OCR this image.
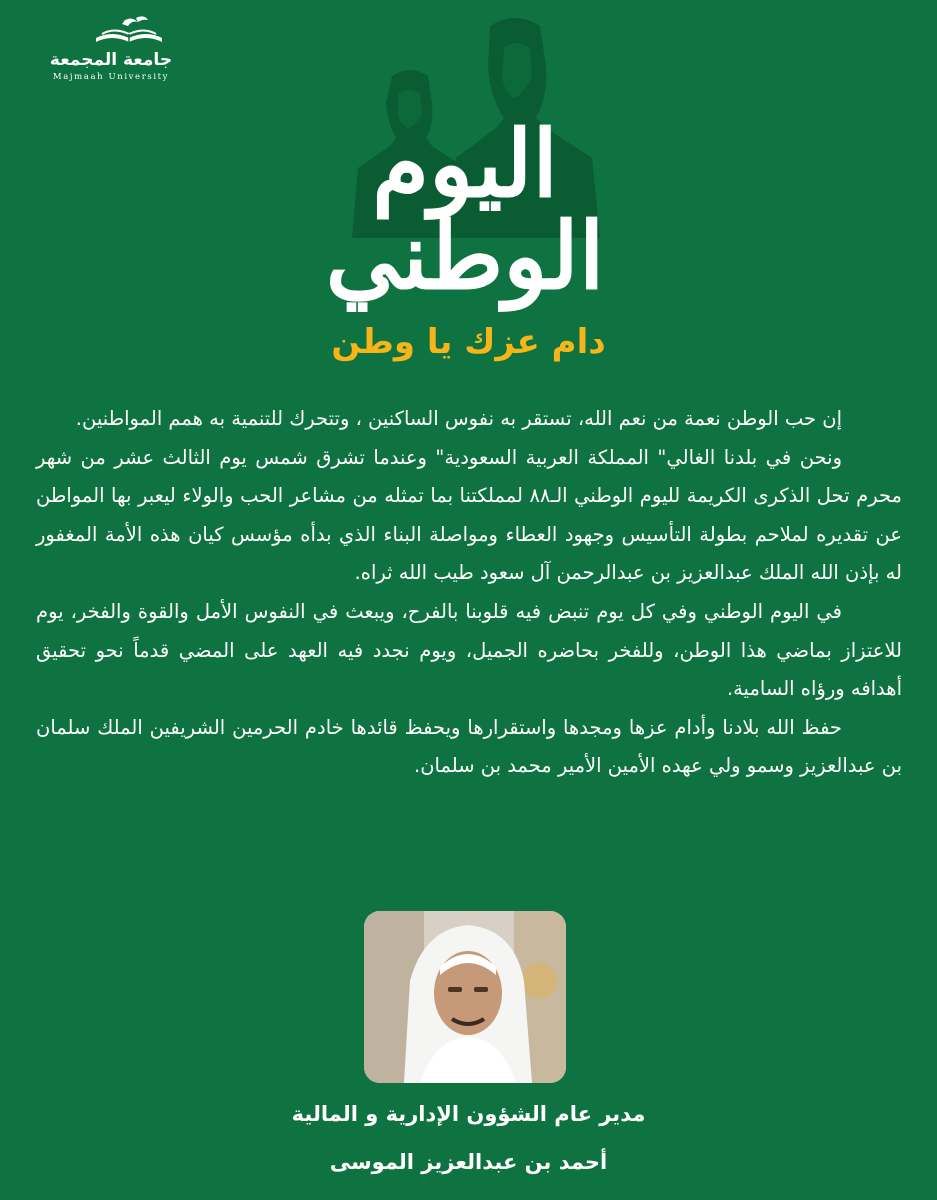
جامعة المجمعة
Majmaah University
اليوم الوطني
دام عزك يا وطن

إن حب الوطن نعمة من نعم الله، تستقر به نفوس الساكنين ، وتتحرك للتنمية به همم المواطنين.

ونحن في بلدنا الغالي" المملكة العربية السعودية" وعندما تشرق شمس يوم الثالث عشر من شهر محرم تحل الذكرى الكريمة لليوم الوطني الـ٨٨ لمملكتنا بما تمثله من مشاعر الحب والولاء ليعبر بها المواطن عن تقديره لملاحم بطولة التأسيس وجهود العطاء ومواصلة البناء الذي بدأه مؤسس كيان هذه الأمة المغفور له بإذن الله الملك عبدالعزيز بن عبدالرحمن آل سعود طيب الله ثراه.

في اليوم الوطني وفي كل يوم تنبض فيه قلوبنا بالفرح، ويبعث في النفوس الأمل والقوة والفخر، يوم للاعتزاز بماضي هذا الوطن، وللفخر بحاضره الجميل، ويوم نجدد فيه العهد على المضي قدماً نحو تحقيق أهدافه ورؤاه السامية.

حفظ الله بلادنا وأدام عزها ومجدها واستقرارها ويحفظ قائدها خادم الحرمين الشريفين الملك سلمان بن عبدالعزيز وسمو ولي عهده الأمين الأمير محمد بن سلمان.

مدير عام الشؤون الإدارية و المالية
أحمد بن عبدالعزيز الموسى
